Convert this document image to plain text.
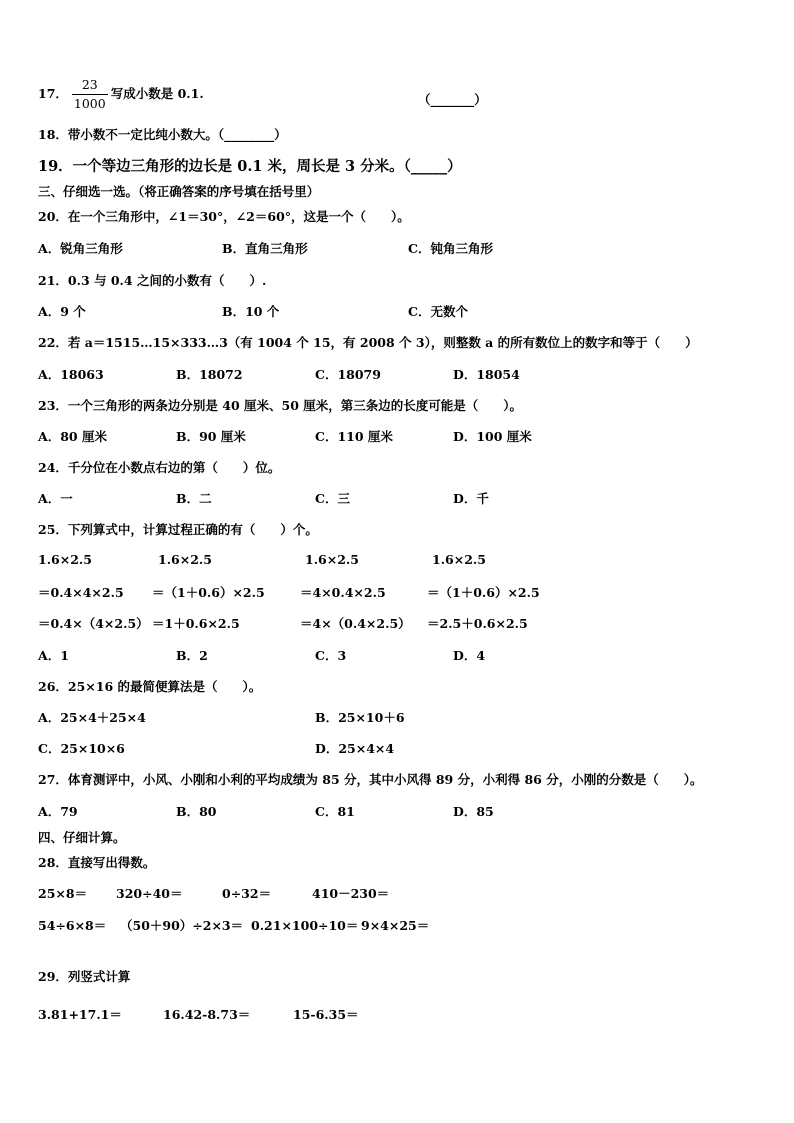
17． $\frac{23}{1000}$ 写成小数是 0.1.	（_______）
18．带小数不一定比纯小数大。（________）
19．一个等边三角形的边长是 0.1 米，周长是 3 分米。（_____）
三、仔细选一选。（将正确答案的序号填在括号里）
20．在一个三角形中，∠1＝30°，∠2＝60°，这是一个（　　）。
A．锐角三角形	B．直角三角形	C．钝角三角形
21．0.3 与 0.4 之间的小数有（　　）.
A．9 个	B．10 个	C．无数个
22．若 a＝1515…15×333…3（有 1004 个 15，有 2008 个 3），则整数 a 的所有数位上的数字和等于（　　）
A．18063	B．18072	C．18079	D．18054
23．一个三角形的两条边分别是 40 厘米、50 厘米，第三条边的长度可能是（　　）。
A．80 厘米	B．90 厘米	C．110 厘米	D．100 厘米
24．千分位在小数点右边的第（　　）位。
A．一	B．二	C．三	D．千
25．下列算式中，计算过程正确的有（　　）个。
1.6×2.5	1.6×2.5	1.6×2.5	1.6×2.5
＝0.4×4×2.5 ＝（1＋0.6）×2.5	＝4×0.4×2.5	＝（1＋0.6）×2.5
＝0.4×（4×2.5） ＝1＋0.6×2.5	＝4×（0.4×2.5） ＝2.5＋0.6×2.5
A．1	B．2	C．3	D．4
26．25×16 的最简便算法是（　　）。
A．25×4＋25×4	B．25×10＋6
C．25×10×6	D．25×4×4
27．体育测评中，小风、小刚和小利的平均成绩为 85 分，其中小风得 89 分，小利得 86 分，小刚的分数是（　　）。
A．79	B．80	C．81	D．85
四、仔细计算。
28．直接写出得数。
25×8＝ 320÷40＝	0÷32＝	410－230＝
54÷6×8＝ （50＋90）÷2×3＝ 0.21×100÷10＝ 9×4×25＝
29．列竖式计算
3.81+17.1＝	16.42-8.73＝	15-6.35＝
